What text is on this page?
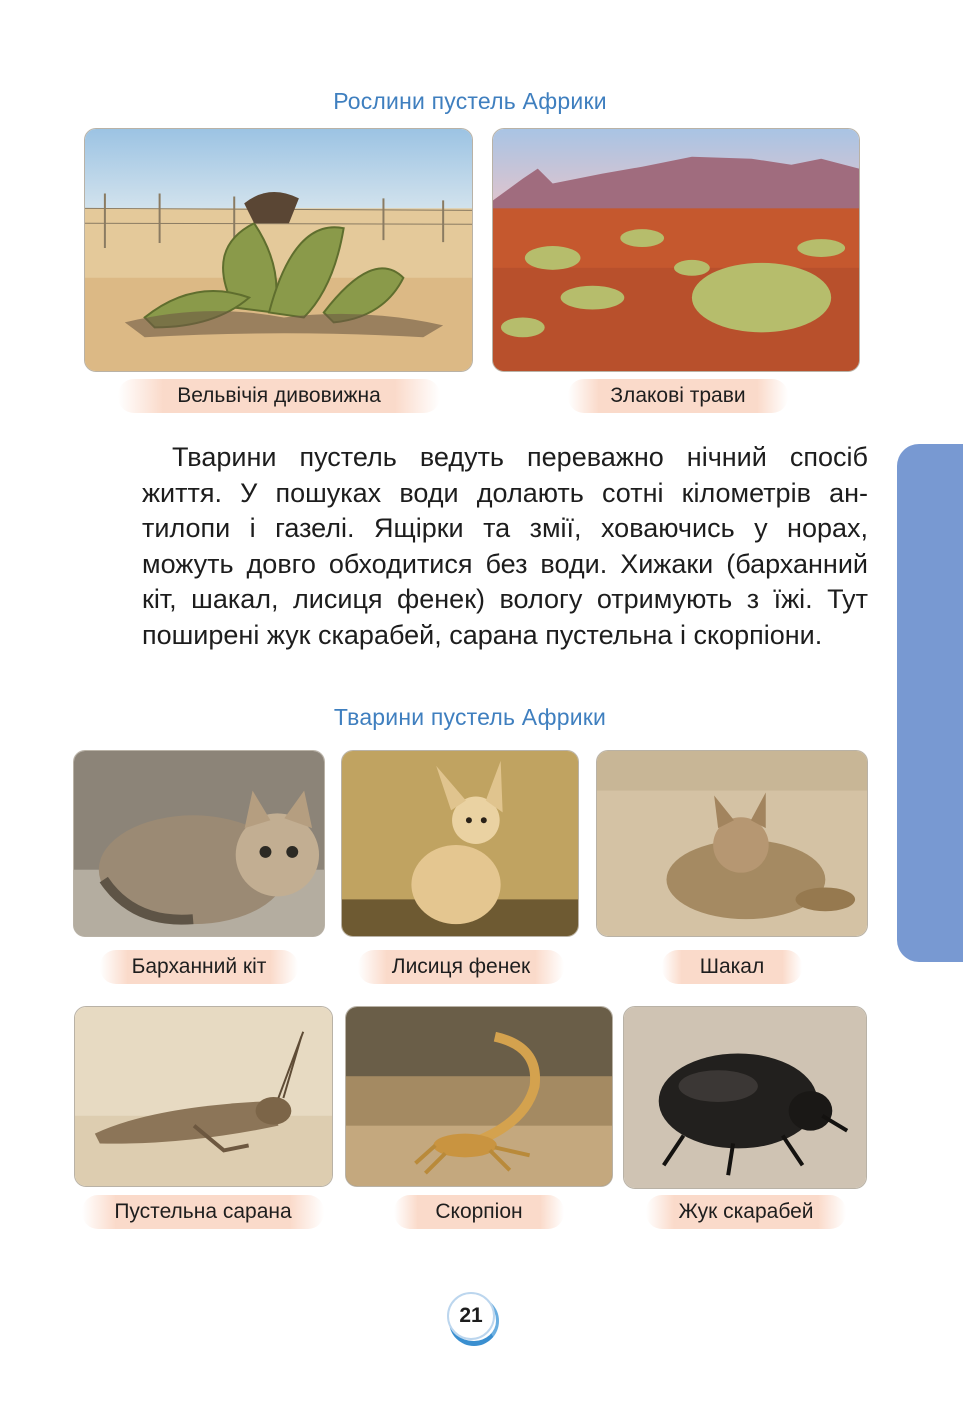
Рослини пустель Африки
Вельвічія дивовижна	Злакові трави

Тварини пустель ведуть переважно нічний спосіб життя. У пошуках води долають сотні кілометрів антилопи і газелі. Ящірки та змії, ховаючись у норах, можуть довго обходитися без води. Хижаки (барханний кіт, шакал, лисиця фенек) вологу отримують з їжі. Тут поширені жук скарабей, сарана пустельна і скорпіони.

Тварини пустель Африки
Барханний кіт	Лисиця фенек	Шакал
Пустельна сарана	Скорпіон	Жук скарабей
21
